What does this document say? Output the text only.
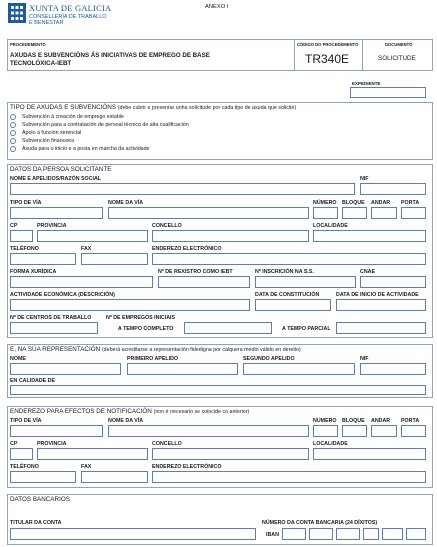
XUNTA DE GALICIA
CONSELLERÍA DE TRABALLO
E BENESTAR
ANEXO I
PROCEDEMENTO
AXUDAS E SUBVENCIÓNS ÁS INICIATIVAS DE EMPREGO DE BASE
TECNOLÓXICA-IEBT
CÓDIGO DO PROCEDEMENTO
TR340E
DOCUMENTO
SOLICITUDE
EXPEDIENTE
TIPO DE AXUDAS E SUBVENCIÓNS (debe cubrir e presentar unha solicitude por cada tipo de axuda que solicite)
Subvención á creación de emprego estable
Subvención para a contratación de persoal técnico de alta cualificación
Apoio á función xerencial
Subvención financeira
Axuda para o inicio e a posta en marcha da actividade
DATOS DA PERSOA SOLICITANTE
NOME E APELIDOS/RAZÓN SOCIAL	NIF
TIPO DE VÍA	NOME DA VÍA	NÚMERO BLOQUE ANDAR PORTA
CP	PROVINCIA	CONCELLO	LOCALIDADE
TELÉFONO	FAX	ENDEREZO ELECTRÓNICO
FORMA XURÍDICA	Nº DE REXISTRO COMO IEBT	Nº INSCRICIÓN NA S.S.	CNAE
ACTIVIDADE ECONÓMICA (DESCRICIÓN)	DATA DE CONSTITUCIÓN	DATA DE INICIO DE ACTIVIDADE
Nº DE CENTROS DE TRABALLO	Nº DE EMPREGOS INICIAIS
A TEMPO COMPLETO	A TEMPO PARCIAL
E, NA SÚA REPRESENTACIÓN (deberá acreditarse a representación fidedigna por calquera medio válido en dereito)
NOME	PRIMEIRO APELIDO	SEGUNDO APELIDO	NIF
EN CALIDADE DE
ENDEREZO PARA EFECTOS DE NOTIFICACIÓN (non é necesario se coincide co anterior)
TIPO DE VÍA	NOME DA VÍA	NÚMERO BLOQUE ANDAR PORTA
CP	PROVINCIA	CONCELLO	LOCALIDADE
TELÉFONO	FAX	ENDEREZO ELECTRÓNICO
DATOS BANCARIOS
TITULAR DA CONTA	NÚMERO DA CONTA BANCARIA (24 DÍXITOS)
IBAN
